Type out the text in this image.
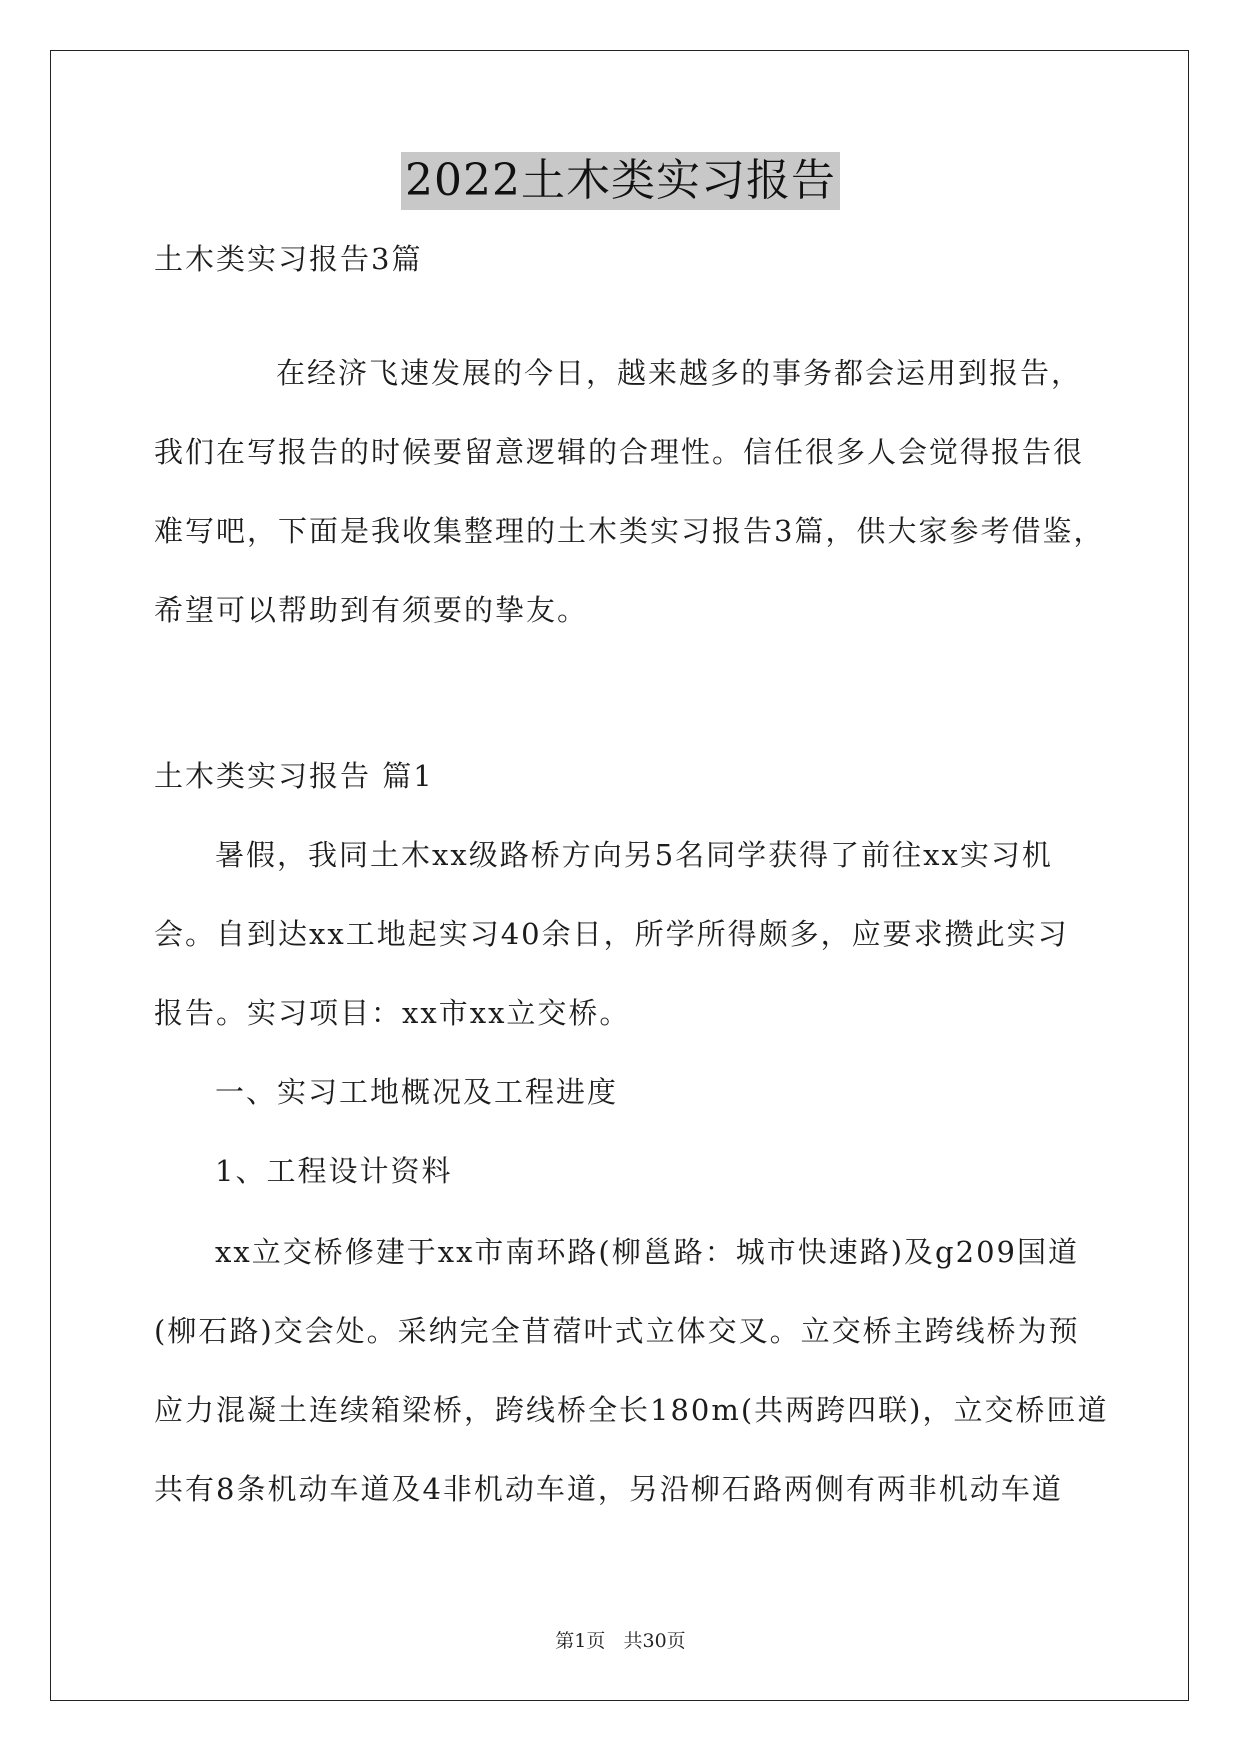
2022土木类实习报告
土木类实习报告3篇
在经济飞速发展的今日，越来越多的事务都会运用到报告，
我们在写报告的时候要留意逻辑的合理性。信任很多人会觉得报告很
难写吧，下面是我收集整理的土木类实习报告3篇，供大家参考借鉴，
希望可以帮助到有须要的挚友。
土木类实习报告 篇1
暑假，我同土木xx级路桥方向另5名同学获得了前往xx实习机
会。自到达xx工地起实习40余日，所学所得颇多，应要求攒此实习
报告。实习项目：xx市xx立交桥。
一、实习工地概况及工程进度
1、工程设计资料
xx立交桥修建于xx市南环路(柳邕路：城市快速路)及g209国道
(柳石路)交会处。采纳完全苜蓿叶式立体交叉。立交桥主跨线桥为预
应力混凝土连续箱梁桥，跨线桥全长180m(共两跨四联)，立交桥匝道
共有8条机动车道及4非机动车道，另沿柳石路两侧有两非机动车道
第1页   共30页
